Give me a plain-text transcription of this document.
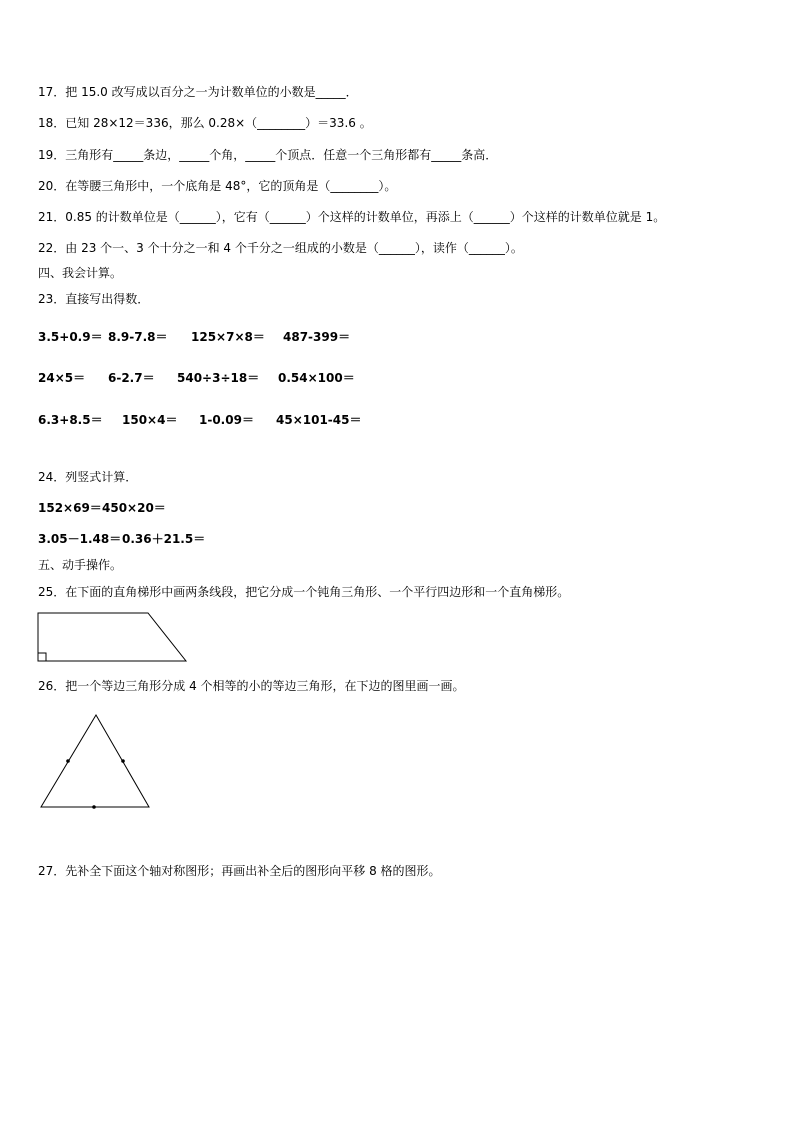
17．把 15.0 改写成以百分之一为计数单位的小数是_____．
18．已知 28×12＝336，那么 0.28×（________）＝33.6 。
19．三角形有_____条边，_____个角，_____个顶点．任意一个三角形都有_____条高．
20．在等腰三角形中，一个底角是 48°，它的顶角是（________）。
21．0.85 的计数单位是（______），它有（______）个这样的计数单位，再添上（______）个这样的计数单位就是 1。
22．由 23 个一、3 个十分之一和 4 个千分之一组成的小数是（______），读作（______）。
四、我会计算。
23．直接写出得数．
3.5+0.9＝ 8.9-7.8＝ 125×7×8＝ 487-399＝
24×5＝ 6-2.7＝ 540÷3÷18＝ 0.54×100＝
6.3+8.5＝ 150×4＝ 1-0.09＝ 45×101-45＝
24．列竖式计算．
152×69＝450×20＝
3.05－1.48＝0.36＋21.5＝
五、动手操作。
25．在下面的直角梯形中画两条线段，把它分成一个钝角三角形、一个平行四边形和一个直角梯形。
26．把一个等边三角形分成 4 个相等的小的等边三角形，在下边的图里画一画。
27．先补全下面这个轴对称图形；再画出补全后的图形向平移 8 格的图形。
